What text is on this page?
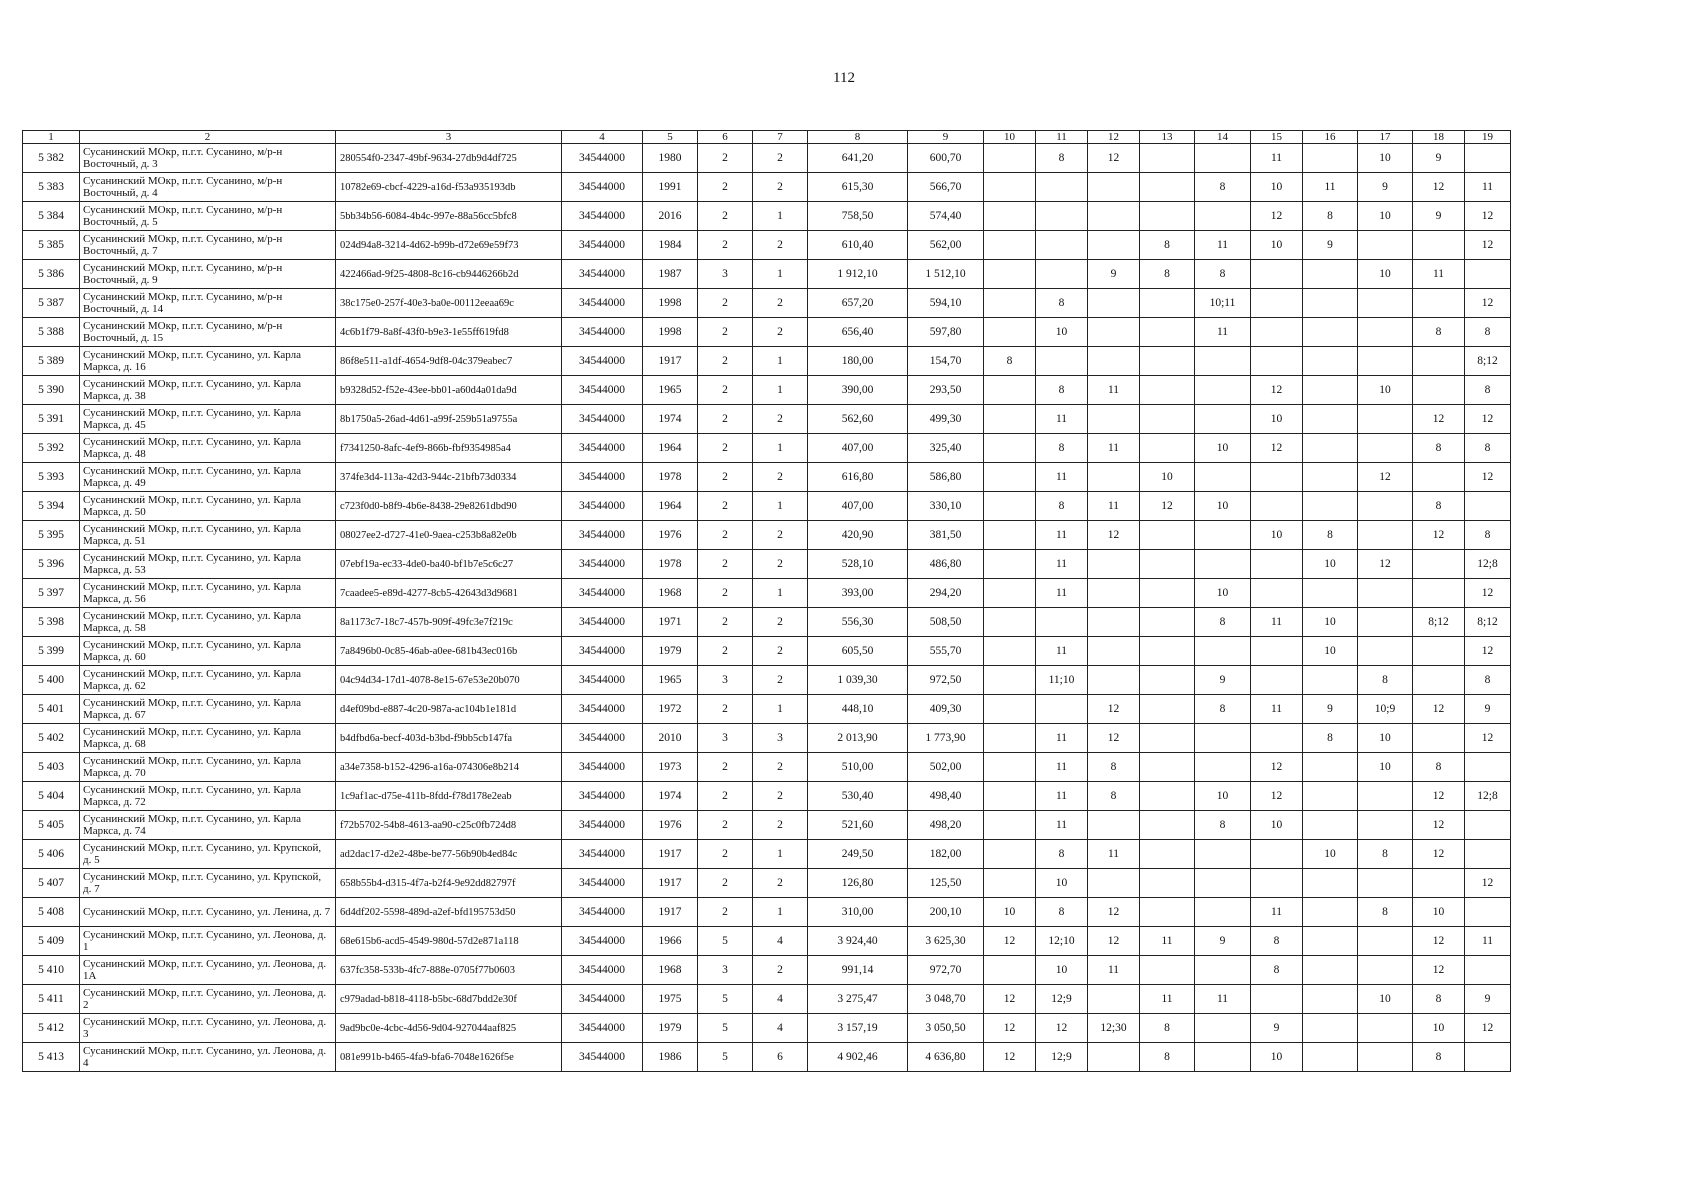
112
1	2	3	4	5	6	7	8	9	10	11	12	13	14	15	16	17	18	19
5 382	Сусанинский МОкр, п.г.т. Сусанино, м/р-н Восточный, д. 3	280554f0-2347-49bf-9634-27db9d4df725	34544000	1980	2	2	641,20	600,70		8	12			11		10	9	
5 383	Сусанинский МОкр, п.г.т. Сусанино, м/р-н Восточный, д. 4	10782e69-cbcf-4229-a16d-f53a935193db	34544000	1991	2	2	615,30	566,70					8	10	11	9	12	11
5 384	Сусанинский МОкр, п.г.т. Сусанино, м/р-н Восточный, д. 5	5bb34b56-6084-4b4c-997e-88a56cc5bfc8	34544000	2016	2	1	758,50	574,40						12	8	10	9	12
5 385	Сусанинский МОкр, п.г.т. Сусанино, м/р-н Восточный, д. 7	024d94a8-3214-4d62-b99b-d72e69e59f73	34544000	1984	2	2	610,40	562,00				8	11	10	9			12
5 386	Сусанинский МОкр, п.г.т. Сусанино, м/р-н Восточный, д. 9	422466ad-9f25-4808-8c16-cb9446266b2d	34544000	1987	3	1	1 912,10	1 512,10			9	8	8			10	11	
5 387	Сусанинский МОкр, п.г.т. Сусанино, м/р-н Восточный, д. 14	38c175e0-257f-40e3-ba0e-00112eeaa69c	34544000	1998	2	2	657,20	594,10		8			10;11					12
5 388	Сусанинский МОкр, п.г.т. Сусанино, м/р-н Восточный, д. 15	4c6b1f79-8a8f-43f0-b9e3-1e55ff619fd8	34544000	1998	2	2	656,40	597,80		10			11				8	8
5 389	Сусанинский МОкр, п.г.т. Сусанино, ул. Карла Маркса, д. 16	86f8e511-a1df-4654-9df8-04c379eabec7	34544000	1917	2	1	180,00	154,70	8									8;12
5 390	Сусанинский МОкр, п.г.т. Сусанино, ул. Карла Маркса, д. 38	b9328d52-f52e-43ee-bb01-a60d4a01da9d	34544000	1965	2	1	390,00	293,50		8	11			12		10		8
5 391	Сусанинский МОкр, п.г.т. Сусанино, ул. Карла Маркса, д. 45	8b1750a5-26ad-4d61-a99f-259b51a9755a	34544000	1974	2	2	562,60	499,30		11				10			12	12
5 392	Сусанинский МОкр, п.г.т. Сусанино, ул. Карла Маркса, д. 48	f7341250-8afc-4ef9-866b-fbf9354985a4	34544000	1964	2	1	407,00	325,40		8	11		10	12			8	8
5 393	Сусанинский МОкр, п.г.т. Сусанино, ул. Карла Маркса, д. 49	374fe3d4-113a-42d3-944c-21bfb73d0334	34544000	1978	2	2	616,80	586,80		11		10				12		12
5 394	Сусанинский МОкр, п.г.т. Сусанино, ул. Карла Маркса, д. 50	c723f0d0-b8f9-4b6e-8438-29e8261dbd90	34544000	1964	2	1	407,00	330,10		8	11	12	10				8	
5 395	Сусанинский МОкр, п.г.т. Сусанино, ул. Карла Маркса, д. 51	08027ee2-d727-41e0-9aea-c253b8a82e0b	34544000	1976	2	2	420,90	381,50		11	12			10	8		12	8
5 396	Сусанинский МОкр, п.г.т. Сусанино, ул. Карла Маркса, д. 53	07ebf19a-ec33-4de0-ba40-bf1b7e5c6c27	34544000	1978	2	2	528,10	486,80		11					10	12		12;8
5 397	Сусанинский МОкр, п.г.т. Сусанино, ул. Карла Маркса, д. 56	7caadee5-e89d-4277-8cb5-42643d3d9681	34544000	1968	2	1	393,00	294,20		11			10					12
5 398	Сусанинский МОкр, п.г.т. Сусанино, ул. Карла Маркса, д. 58	8a1173c7-18c7-457b-909f-49fc3e7f219c	34544000	1971	2	2	556,30	508,50					8	11	10		8;12	8;12
5 399	Сусанинский МОкр, п.г.т. Сусанино, ул. Карла Маркса, д. 60	7a8496b0-0c85-46ab-a0ee-681b43ec016b	34544000	1979	2	2	605,50	555,70		11					10			12
5 400	Сусанинский МОкр, п.г.т. Сусанино, ул. Карла Маркса, д. 62	04c94d34-17d1-4078-8e15-67e53e20b070	34544000	1965	3	2	1 039,30	972,50		11;10			9			8		8
5 401	Сусанинский МОкр, п.г.т. Сусанино, ул. Карла Маркса, д. 67	d4ef09bd-e887-4c20-987a-ac104b1e181d	34544000	1972	2	1	448,10	409,30			12		8	11	9	10;9	12	9
5 402	Сусанинский МОкр, п.г.т. Сусанино, ул. Карла Маркса, д. 68	b4dfbd6a-becf-403d-b3bd-f9bb5cb147fa	34544000	2010	3	3	2 013,90	1 773,90		11	12				8	10		12
5 403	Сусанинский МОкр, п.г.т. Сусанино, ул. Карла Маркса, д. 70	a34e7358-b152-4296-a16a-074306e8b214	34544000	1973	2	2	510,00	502,00		11	8			12		10	8	
5 404	Сусанинский МОкр, п.г.т. Сусанино, ул. Карла Маркса, д. 72	1c9af1ac-d75e-411b-8fdd-f78d178e2eab	34544000	1974	2	2	530,40	498,40		11	8		10	12			12	12;8
5 405	Сусанинский МОкр, п.г.т. Сусанино, ул. Карла Маркса, д. 74	f72b5702-54b8-4613-aa90-c25c0fb724d8	34544000	1976	2	2	521,60	498,20		11			8	10			12	
5 406	Сусанинский МОкр, п.г.т. Сусанино, ул. Крупской, д. 5	ad2dac17-d2e2-48be-be77-56b90b4ed84c	34544000	1917	2	1	249,50	182,00		8	11				10	8	12	
5 407	Сусанинский МОкр, п.г.т. Сусанино, ул. Крупской, д. 7	658b55b4-d315-4f7a-b2f4-9e92dd82797f	34544000	1917	2	2	126,80	125,50		10								12
5 408	Сусанинский МОкр, п.г.т. Сусанино, ул. Ленина, д. 7	6d4df202-5598-489d-a2ef-bfd195753d50	34544000	1917	2	1	310,00	200,10	10	8	12			11		8	10	
5 409	Сусанинский МОкр, п.г.т. Сусанино, ул. Леонова, д. 1	68e615b6-acd5-4549-980d-57d2e871a118	34544000	1966	5	4	3 924,40	3 625,30	12	12;10	12	11	9	8			12	11
5 410	Сусанинский МОкр, п.г.т. Сусанино, ул. Леонова, д. 1А	637fc358-533b-4fc7-888e-0705f77b0603	34544000	1968	3	2	991,14	972,70		10	11			8			12	
5 411	Сусанинский МОкр, п.г.т. Сусанино, ул. Леонова, д. 2	c979adad-b818-4118-b5bc-68d7bdd2e30f	34544000	1975	5	4	3 275,47	3 048,70	12	12;9		11	11			10	8	9
5 412	Сусанинский МОкр, п.г.т. Сусанино, ул. Леонова, д. 3	9ad9bc0e-4cbc-4d56-9d04-927044aaf825	34544000	1979	5	4	3 157,19	3 050,50	12	12	12;30	8		9			10	12
5 413	Сусанинский МОкр, п.г.т. Сусанино, ул. Леонова, д. 4	081e991b-b465-4fa9-bfa6-7048e1626f5e	34544000	1986	5	6	4 902,46	4 636,80	12	12;9		8		10			8	
